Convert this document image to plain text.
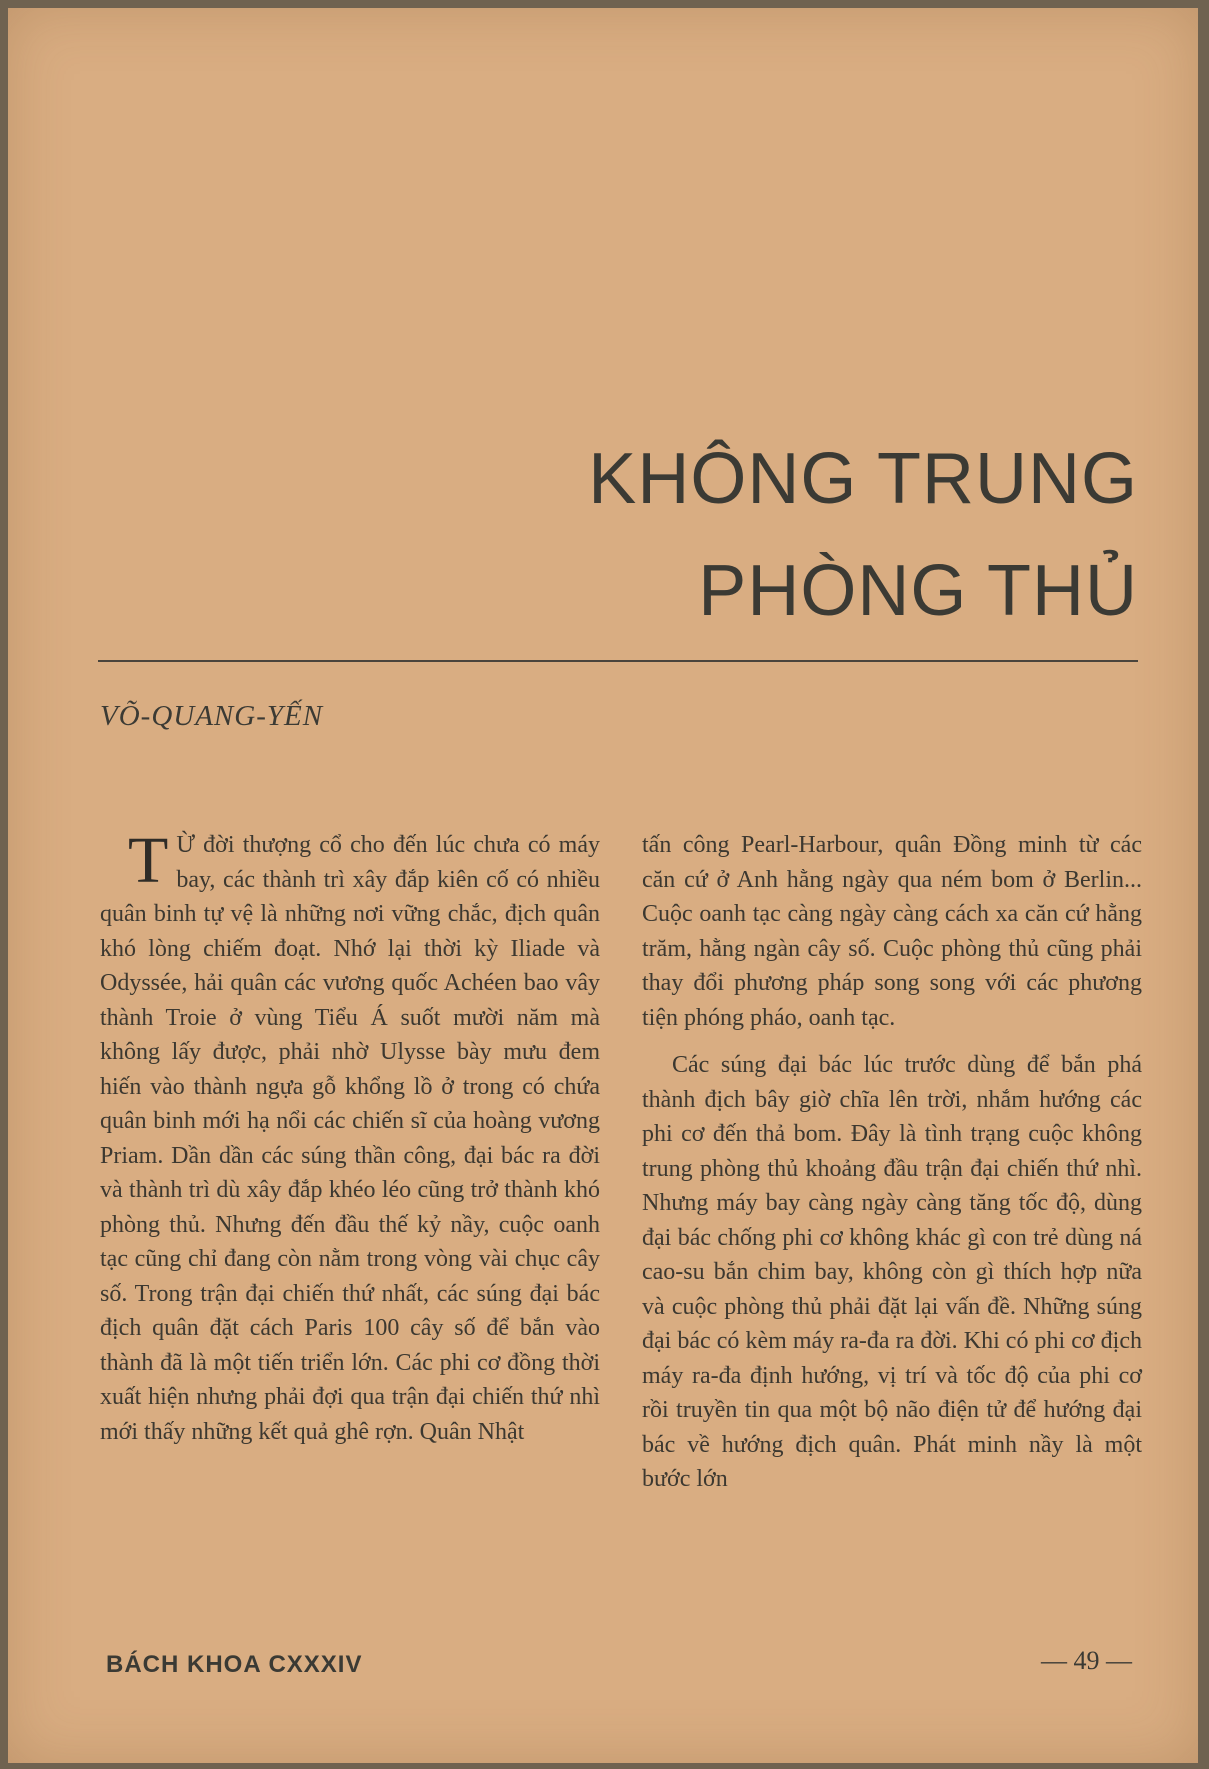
KHÔNG TRUNG
PHÒNG THỦ
VÕ-QUANG-YẾN

T Ừ đời thượng cổ cho đến lúc chưa có máy bay, các thành trì xây đắp kiên cố có nhiều quân binh tự vệ là những nơi vững chắc, địch quân khó lòng chiếm đoạt. Nhớ lại thời kỳ Iliade và Odyssée, hải quân các vương quốc Achéen bao vây thành Troie ở vùng Tiểu Á suốt mười năm mà không lấy được, phải nhờ Ulysse bày mưu đem hiến vào thành ngựa gỗ khổng lồ ở trong có chứa quân binh mới hạ nổi các chiến sĩ của hoàng vương Priam. Dần dần các súng thần công, đại bác ra đời và thành trì dù xây đắp khéo léo cũng trở thành khó phòng thủ. Nhưng đến đầu thế kỷ nầy, cuộc oanh tạc cũng chỉ đang còn nằm trong vòng vài chục cây số. Trong trận đại chiến thứ nhất, các súng đại bác địch quân đặt cách Paris 100 cây số để bắn vào thành đã là một tiến triển lớn. Các phi cơ đồng thời xuất hiện nhưng phải đợi qua trận đại chiến thứ nhì mới thấy những kết quả ghê rợn. Quân Nhật

tấn công Pearl-Harbour, quân Đồng minh từ các căn cứ ở Anh hằng ngày qua ném bom ở Berlin... Cuộc oanh tạc càng ngày càng cách xa căn cứ hằng trăm, hằng ngàn cây số. Cuộc phòng thủ cũng phải thay đổi phương pháp song song với các phương tiện phóng pháo, oanh tạc.

Các súng đại bác lúc trước dùng để bắn phá thành địch bây giờ chĩa lên trời, nhắm hướng các phi cơ đến thả bom. Đây là tình trạng cuộc không trung phòng thủ khoảng đầu trận đại chiến thứ nhì. Nhưng máy bay càng ngày càng tăng tốc độ, dùng đại bác chống phi cơ không khác gì con trẻ dùng ná cao-su bắn chim bay, không còn gì thích hợp nữa và cuộc phòng thủ phải đặt lại vấn đề. Những súng đại bác có kèm máy ra-đa ra đời. Khi có phi cơ địch máy ra-đa định hướng, vị trí và tốc độ của phi cơ rồi truyền tin qua một bộ não điện tử để hướng đại bác về hướng địch quân. Phát minh nầy là một bước lớn

BÁCH KHOA CXXXIV	— 49 —
